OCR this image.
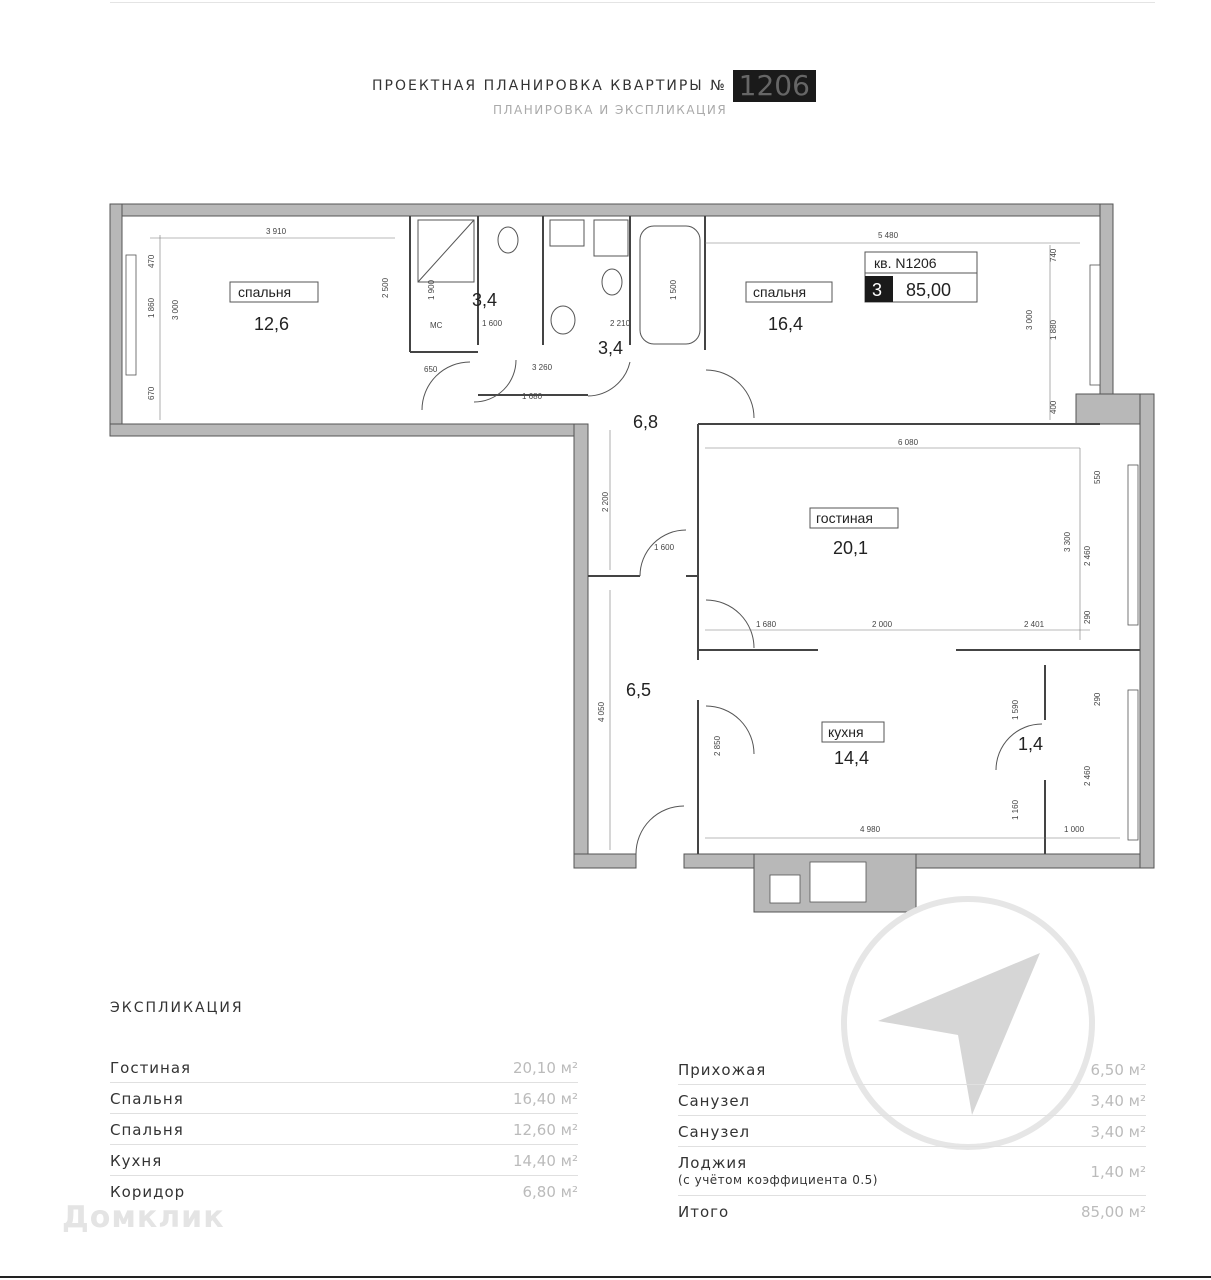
ПРОЕКТНАЯ ПЛАНИРОВКА КВАРТИРЫ № 1206
ПЛАНИРОВКА И ЭКСПЛИКАЦИЯ
спальня
12,6
3,4
3,4
МС
спальня
16,4
6,8
гостиная
20,1
6,5
кухня
14,4
1,4
кв. N1206
3 85,00
3 910
470
1 860 3 000
670
2 500	1 900
1 600
650	3 260
1 680
2 210
1 500
5 480
740
3 000 1 880
400
6 080
2 200
1 600
550
2 460
3 300
290
1 680	2 000	2 401
4 050
2 850
1 590
290
2 460
1 160
4 980	1 000
ЭКСПЛИКАЦИЯ
Гостиная	20,10 м²
Спальня	16,40 м²
Спальня	12,60 м²
Кухня	14,40 м²
Коридор	6,80 м²
Прихожая	6,50 м²
Санузел	3,40 м²
Санузел	3,40 м²
Лоджия
(с учётом коэффициента 0.5)	1,40 м²
Итого	85,00 м²
Домклик
